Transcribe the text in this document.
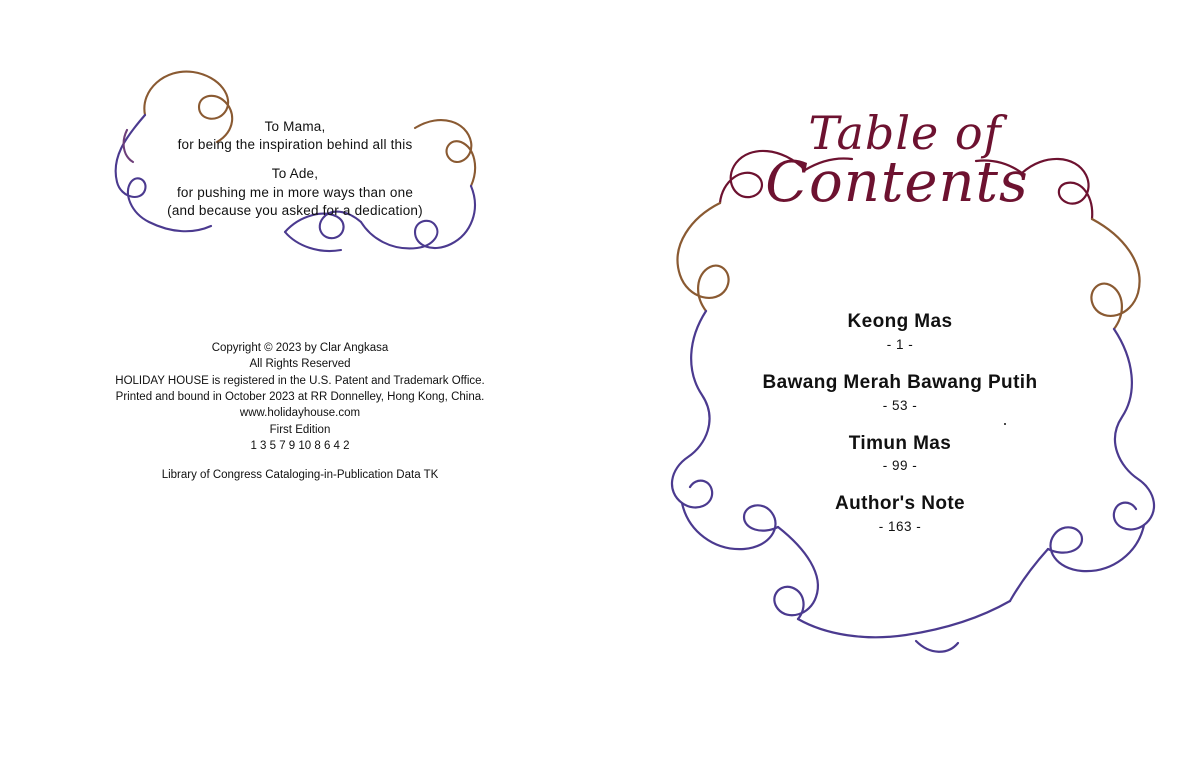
To Mama,
for being the inspiration behind all this
To Ade,
for pushing me in more ways than one
(and because you asked for a dedication)
Copyright © 2023 by Clar Angkasa
All Rights Reserved
HOLIDAY HOUSE is registered in the U.S. Patent and Trademark Office.
Printed and bound in October 2023 at RR Donnelley, Hong Kong, China.
www.holidayhouse.com
First Edition
1 3 5 7 9 10 8 6 4 2
Library of Congress Cataloging-in-Publication Data TK
Table of
Contents
Keong Mas
- 1 -
Bawang Merah Bawang Putih
- 53 -
Timun Mas
- 99 -
Author's Note
- 163 -
